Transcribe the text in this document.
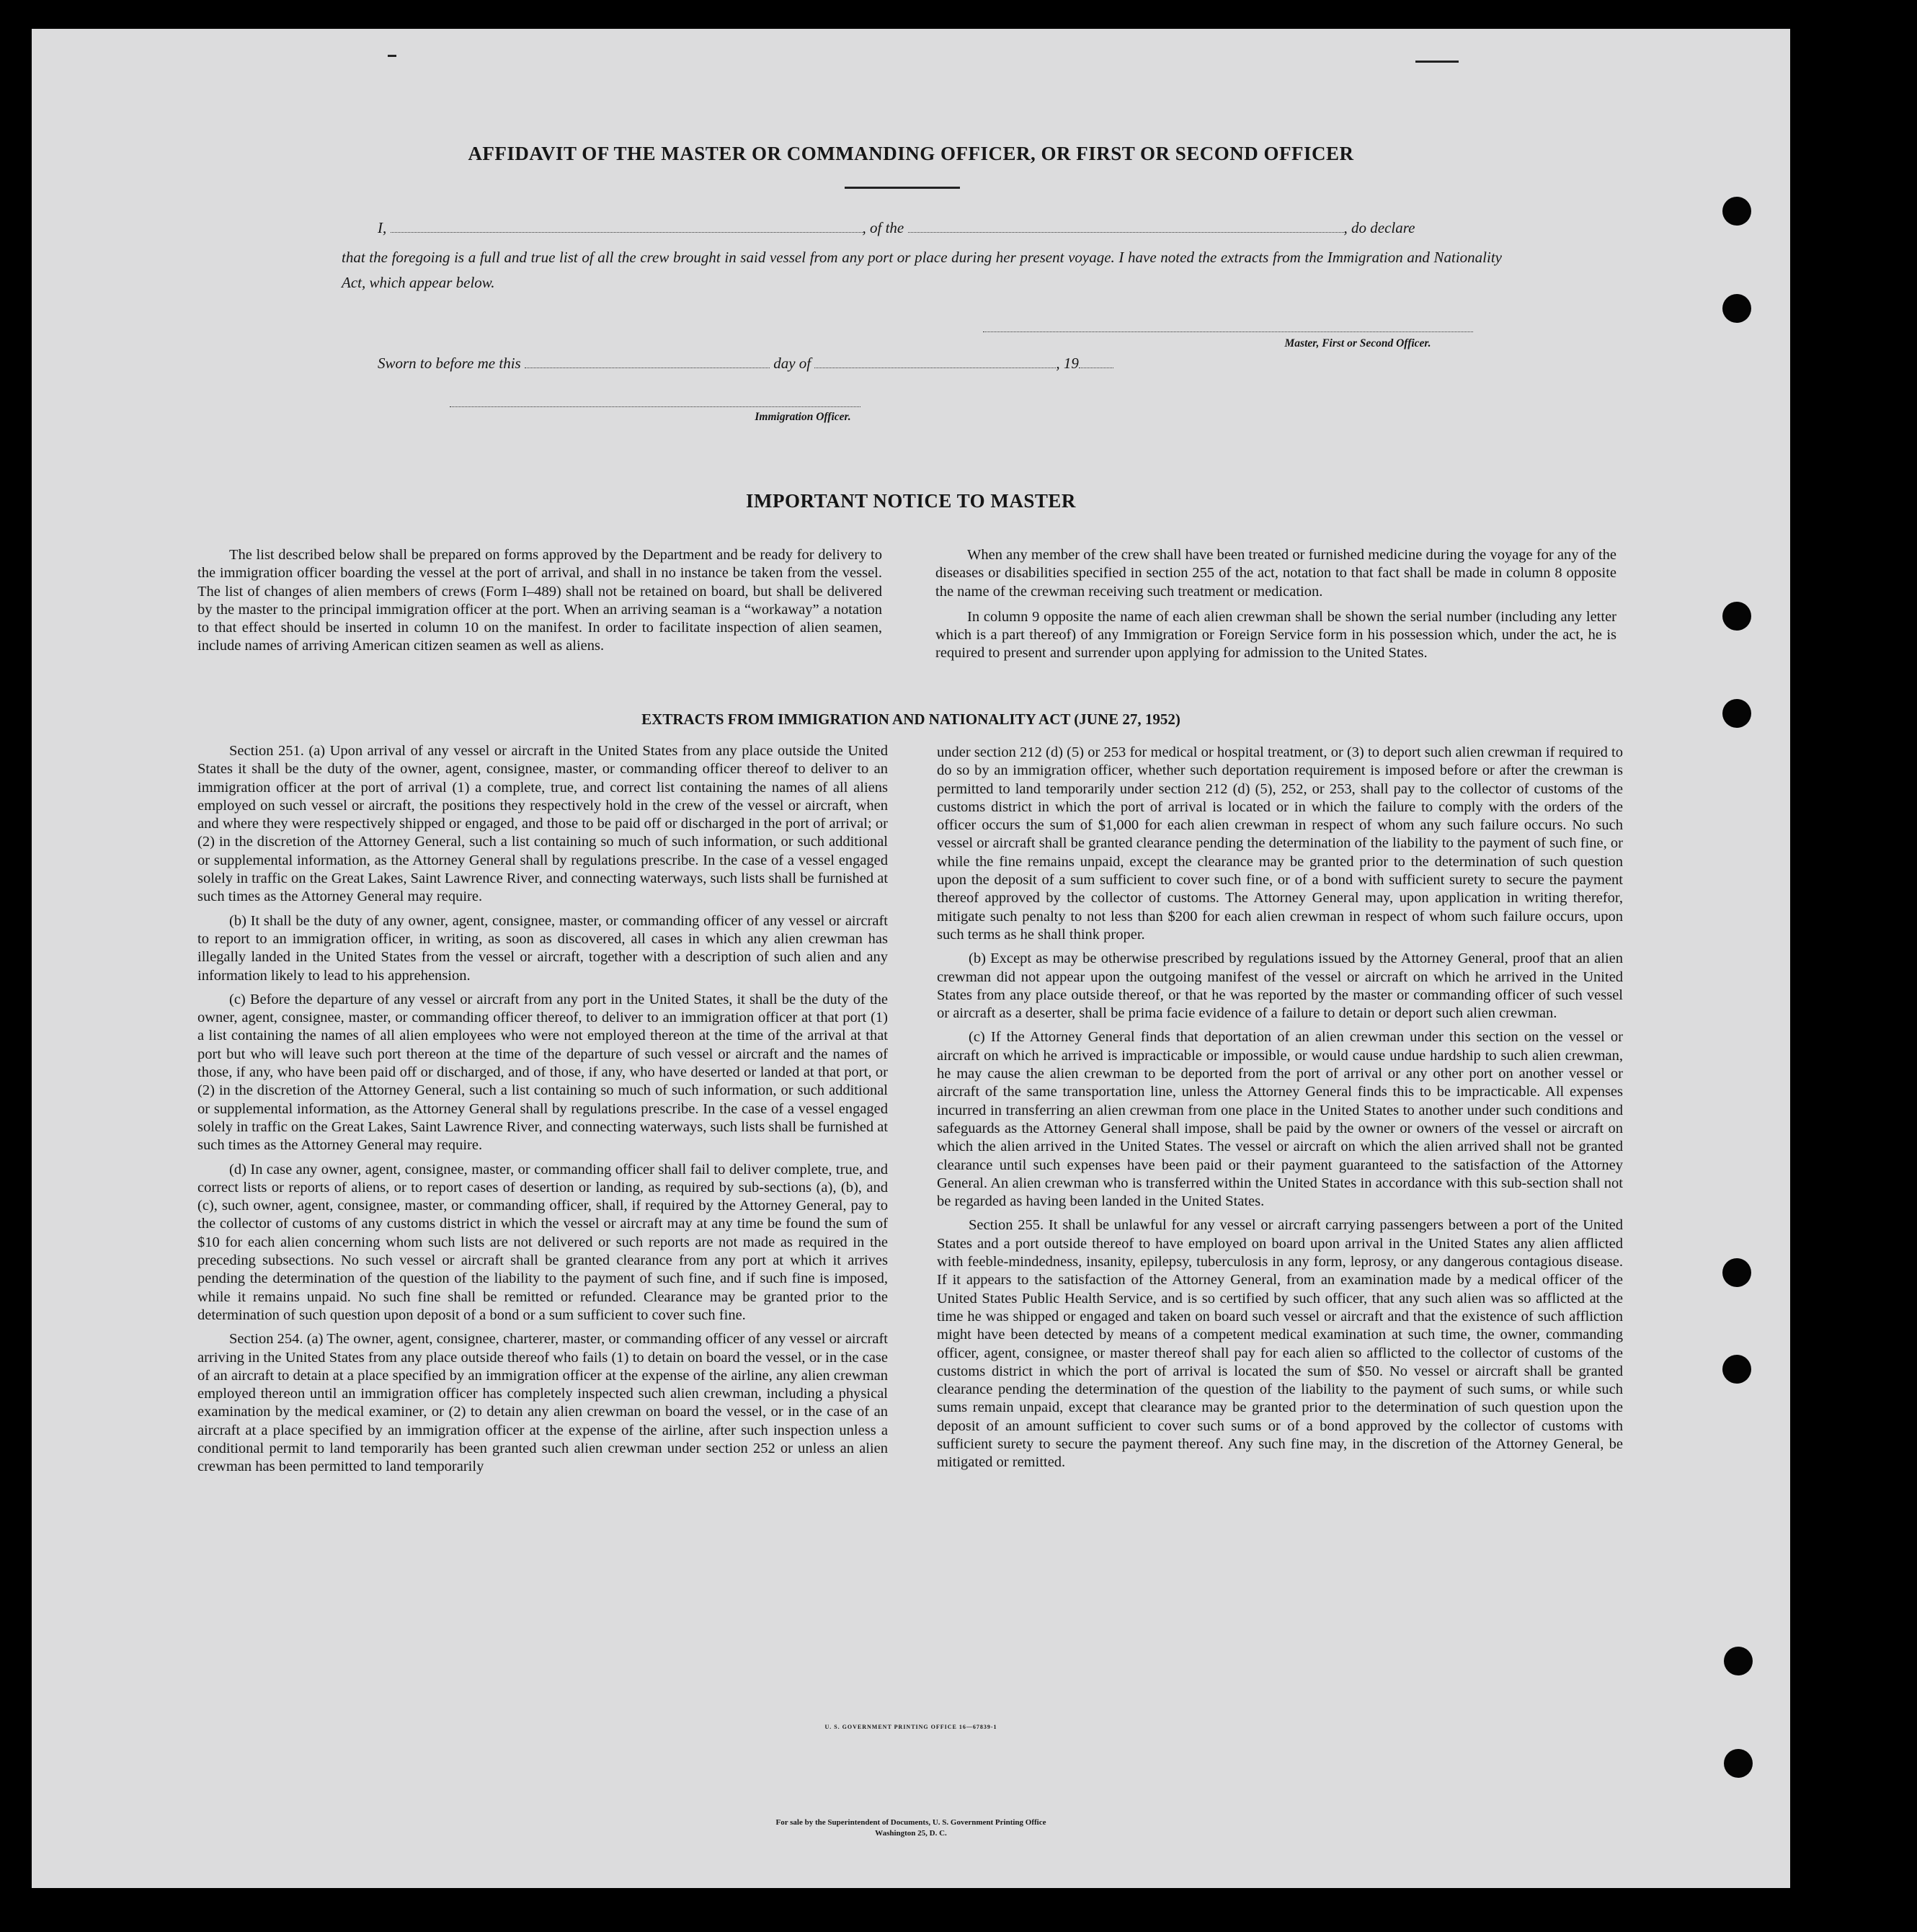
AFFIDAVIT OF THE MASTER OR COMMANDING OFFICER, OR FIRST OR SECOND OFFICER
I,	, of the	, do declare
that the foregoing is a full and true list of all the crew brought in said vessel from any port or place during her present voyage. I have noted the extracts from the Immigration and Nationality Act, which appear below.
Master, First or Second Officer.
Sworn to before me this	day of	, 19
Immigration Officer.
IMPORTANT NOTICE TO MASTER

The list described below shall be prepared on forms approved by the Department and be ready for delivery to the immigration officer boarding the vessel at the port of arrival, and shall in no instance be taken from the vessel. The list of changes of alien members of crews (Form I–489) shall not be retained on board, but shall be delivered by the master to the principal immigration officer at the port. When an arriving seaman is a “workaway” a notation to that effect should be inserted in column 10 on the manifest. In order to facilitate inspection of alien seamen, include names of arriving American citizen seamen as well as aliens.

When any member of the crew shall have been treated or furnished medicine during the voyage for any of the diseases or disabilities specified in section 255 of the act, notation to that fact shall be made in column 8 opposite the name of the crewman receiving such treatment or medication.

In column 9 opposite the name of each alien crewman shall be shown the serial number (including any letter which is a part thereof) of any Immigration or Foreign Service form in his possession which, under the act, he is required to present and surrender upon applying for admission to the United States.

EXTRACTS FROM IMMIGRATION AND NATIONALITY ACT (JUNE 27, 1952)

Section 251. (a) Upon arrival of any vessel or aircraft in the United States from any place outside the United States it shall be the duty of the owner, agent, consignee, master, or commanding officer thereof to deliver to an immigration officer at the port of arrival (1) a complete, true, and correct list containing the names of all aliens employed on such vessel or aircraft, the positions they respectively hold in the crew of the vessel or aircraft, when and where they were respectively shipped or engaged, and those to be paid off or discharged in the port of arrival; or (2) in the discretion of the Attorney General, such a list containing so much of such information, or such additional or supplemental information, as the Attorney General shall by regulations prescribe. In the case of a vessel engaged solely in traffic on the Great Lakes, Saint Lawrence River, and connecting waterways, such lists shall be furnished at such times as the Attorney General may require.

(b) It shall be the duty of any owner, agent, consignee, master, or commanding officer of any vessel or aircraft to report to an immigration officer, in writing, as soon as discovered, all cases in which any alien crewman has illegally landed in the United States from the vessel or aircraft, together with a description of such alien and any information likely to lead to his apprehension.

(c) Before the departure of any vessel or aircraft from any port in the United States, it shall be the duty of the owner, agent, consignee, master, or commanding officer thereof, to deliver to an immigration officer at that port (1) a list containing the names of all alien employees who were not employed thereon at the time of the arrival at that port but who will leave such port thereon at the time of the departure of such vessel or aircraft and the names of those, if any, who have been paid off or discharged, and of those, if any, who have deserted or landed at that port, or (2) in the discretion of the Attorney General, such a list containing so much of such information, or such additional or supplemental information, as the Attorney General shall by regulations prescribe. In the case of a vessel engaged solely in traffic on the Great Lakes, Saint Lawrence River, and connecting waterways, such lists shall be furnished at such times as the Attorney General may require.

(d) In case any owner, agent, consignee, master, or commanding officer shall fail to deliver complete, true, and correct lists or reports of aliens, or to report cases of desertion or landing, as required by sub-sections (a), (b), and (c), such owner, agent, consignee, master, or commanding officer, shall, if required by the Attorney General, pay to the collector of customs of any customs district in which the vessel or aircraft may at any time be found the sum of $10 for each alien concerning whom such lists are not delivered or such reports are not made as required in the preceding subsections. No such vessel or aircraft shall be granted clearance from any port at which it arrives pending the determination of the question of the liability to the payment of such fine, and if such fine is imposed, while it remains unpaid. No such fine shall be remitted or refunded. Clearance may be granted prior to the determination of such question upon deposit of a bond or a sum sufficient to cover such fine.

Section 254. (a) The owner, agent, consignee, charterer, master, or commanding officer of any vessel or aircraft arriving in the United States from any place outside thereof who fails (1) to detain on board the vessel, or in the case of an aircraft to detain at a place specified by an immigration officer at the expense of the airline, any alien crewman employed thereon until an immigration officer has completely inspected such alien crewman, including a physical examination by the medical examiner, or (2) to detain any alien crewman on board the vessel, or in the case of an aircraft at a place specified by an immigration officer at the expense of the airline, after such inspection unless a conditional permit to land temporarily has been granted such alien crewman under section 252 or unless an alien crewman has been permitted to land temporarily

under section 212 (d) (5) or 253 for medical or hospital treatment, or (3) to deport such alien crewman if required to do so by an immigration officer, whether such deportation requirement is imposed before or after the crewman is permitted to land temporarily under section 212 (d) (5), 252, or 253, shall pay to the collector of customs of the customs district in which the port of arrival is located or in which the failure to comply with the orders of the officer occurs the sum of $1,000 for each alien crewman in respect of whom any such failure occurs. No such vessel or aircraft shall be granted clearance pending the determination of the liability to the payment of such fine, or while the fine remains unpaid, except the clearance may be granted prior to the determination of such question upon the deposit of a sum sufficient to cover such fine, or of a bond with sufficient surety to secure the payment thereof approved by the collector of customs. The Attorney General may, upon application in writing therefor, mitigate such penalty to not less than $200 for each alien crewman in respect of whom such failure occurs, upon such terms as he shall think proper.

(b) Except as may be otherwise prescribed by regulations issued by the Attorney General, proof that an alien crewman did not appear upon the outgoing manifest of the vessel or aircraft on which he arrived in the United States from any place outside thereof, or that he was reported by the master or commanding officer of such vessel or aircraft as a deserter, shall be prima facie evidence of a failure to detain or deport such alien crewman.

(c) If the Attorney General finds that deportation of an alien crewman under this section on the vessel or aircraft on which he arrived is impracticable or impossible, or would cause undue hardship to such alien crewman, he may cause the alien crewman to be deported from the port of arrival or any other port on another vessel or aircraft of the same transportation line, unless the Attorney General finds this to be impracticable. All expenses incurred in transferring an alien crewman from one place in the United States to another under such conditions and safeguards as the Attorney General shall impose, shall be paid by the owner or owners of the vessel or aircraft on which the alien arrived in the United States. The vessel or aircraft on which the alien arrived shall not be granted clearance until such expenses have been paid or their payment guaranteed to the satisfaction of the Attorney General. An alien crewman who is transferred within the United States in accordance with this sub-section shall not be regarded as having been landed in the United States.

Section 255. It shall be unlawful for any vessel or aircraft carrying passengers between a port of the United States and a port outside thereof to have employed on board upon arrival in the United States any alien afflicted with feeble-mindedness, insanity, epilepsy, tuberculosis in any form, leprosy, or any dangerous contagious disease. If it appears to the satisfaction of the Attorney General, from an examination made by a medical officer of the United States Public Health Service, and is so certified by such officer, that any such alien was so afflicted at the time he was shipped or engaged and taken on board such vessel or aircraft and that the existence of such affliction might have been detected by means of a competent medical examination at such time, the owner, commanding officer, agent, consignee, or master thereof shall pay for each alien so afflicted to the collector of customs of the customs district in which the port of arrival is located the sum of $50. No vessel or aircraft shall be granted clearance pending the determination of the question of the liability to the payment of such sums, or while such sums remain unpaid, except that clearance may be granted prior to the determination of such question upon the deposit of an amount sufficient to cover such sums or of a bond approved by the collector of customs with sufficient surety to secure the payment thereof. Any such fine may, in the discretion of the Attorney General, be mitigated or remitted.

U. S. GOVERNMENT PRINTING OFFICE 16—67839-1
For sale by the Superintendent of Documents, U. S. Government Printing Office
Washington 25, D. C.
